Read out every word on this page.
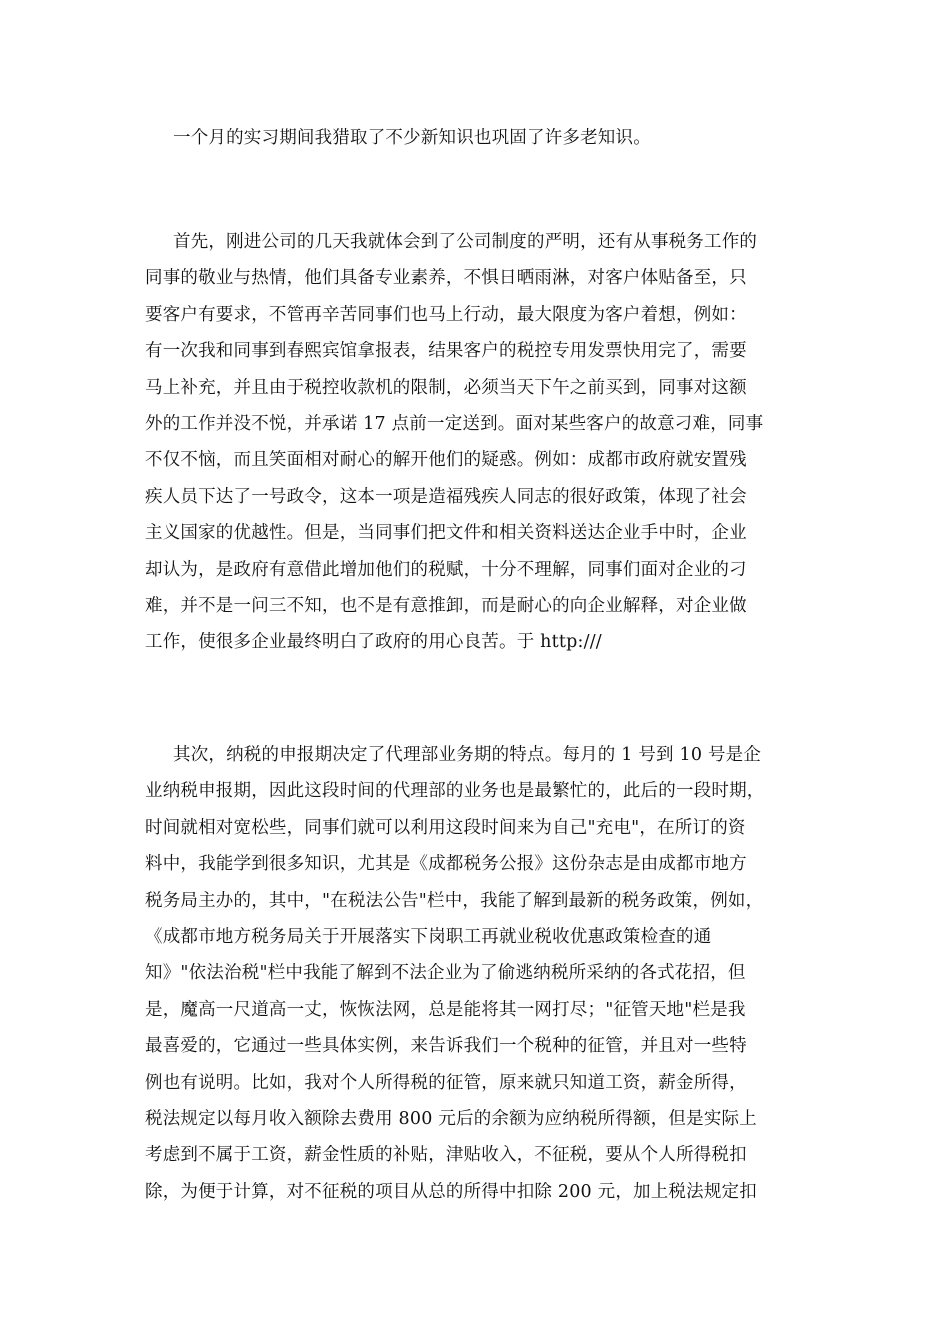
一个月的实习期间我猎取了不少新知识也巩固了许多老知识。
首先，刚进公司的几天我就体会到了公司制度的严明，还有从事税务工作的
同事的敬业与热情，他们具备专业素养，不惧日晒雨淋，对客户体贴备至，只
要客户有要求，不管再辛苦同事们也马上行动，最大限度为客户着想，例如：
有一次我和同事到春熙宾馆拿报表，结果客户的税控专用发票快用完了，需要
马上补充，并且由于税控收款机的限制，必须当天下午之前买到，同事对这额
外的工作并没不悦，并承诺 17 点前一定送到。面对某些客户的故意刁难，同事
不仅不恼，而且笑面相对耐心的解开他们的疑惑。例如：成都市政府就安置残
疾人员下达了一号政令，这本一项是造福残疾人同志的很好政策，体现了社会
主义国家的优越性。但是，当同事们把文件和相关资料送达企业手中时，企业
却认为，是政府有意借此增加他们的税赋，十分不理解，同事们面对企业的刁
难，并不是一问三不知，也不是有意推卸，而是耐心的向企业解释，对企业做
工作，使很多企业最终明白了政府的用心良苦。于 http:///
其次，纳税的申报期决定了代理部业务期的特点。每月的 1 号到 10 号是企
业纳税申报期，因此这段时间的代理部的业务也是最繁忙的，此后的一段时期，
时间就相对宽松些，同事们就可以利用这段时间来为自己"充电"，在所订的资
料中，我能学到很多知识，尤其是《成都税务公报》这份杂志是由成都市地方
税务局主办的，其中，"在税法公告"栏中，我能了解到最新的税务政策，例如，
《成都市地方税务局关于开展落实下岗职工再就业税收优惠政策检查的通
知》"依法治税"栏中我能了解到不法企业为了偷逃纳税所采纳的各式花招，但
是，魔高一尺道高一丈，恢恢法网，总是能将其一网打尽；"征管天地"栏是我
最喜爱的，它通过一些具体实例，来告诉我们一个税种的征管，并且对一些特
例也有说明。比如，我对个人所得税的征管，原来就只知道工资，薪金所得，
税法规定以每月收入额除去费用 800 元后的余额为应纳税所得额，但是实际上
考虑到不属于工资，薪金性质的补贴，津贴收入，不征税，要从个人所得税扣
除，为便于计算，对不征税的项目从总的所得中扣除 200 元，加上税法规定扣
